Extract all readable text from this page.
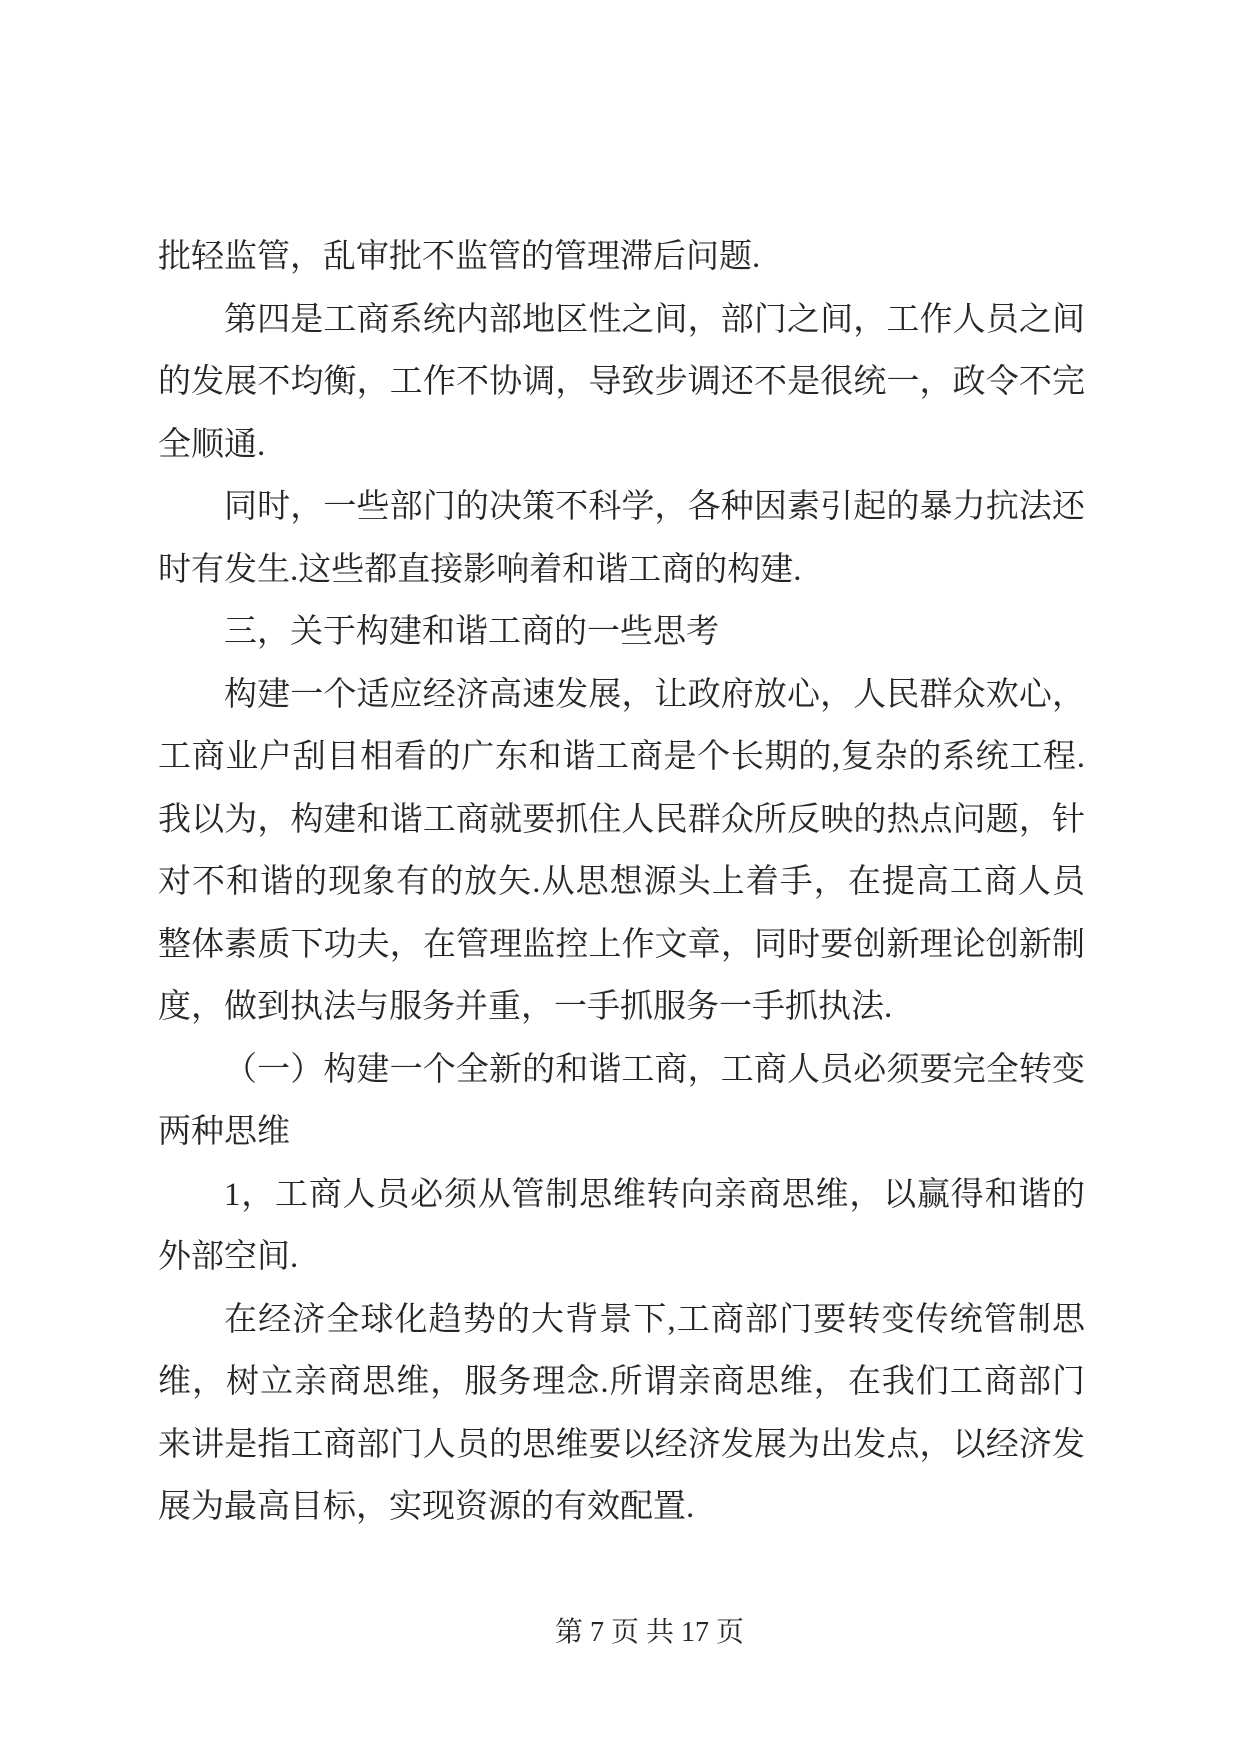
批轻监管，乱审批不监管的管理滞后问题.
第四是工商系统内部地区性之间，部门之间，工作人员之间
的发展不均衡，工作不协调，导致步调还不是很统一，政令不完
全顺通.
同时，一些部门的决策不科学，各种因素引起的暴力抗法还
时有发生.这些都直接影响着和谐工商的构建.
三，关于构建和谐工商的一些思考
构建一个适应经济高速发展，让政府放心，人民群众欢心，
工商业户刮目相看的广东和谐工商是个长期的,复杂的系统工程.
我以为，构建和谐工商就要抓住人民群众所反映的热点问题，针
对不和谐的现象有的放矢.从思想源头上着手，在提高工商人员
整体素质下功夫，在管理监控上作文章，同时要创新理论创新制
度，做到执法与服务并重，一手抓服务一手抓执法.
（一）构建一个全新的和谐工商，工商人员必须要完全转变
两种思维
1，工商人员必须从管制思维转向亲商思维，以赢得和谐的
外部空间.
在经济全球化趋势的大背景下,工商部门要转变传统管制思
维，树立亲商思维，服务理念.所谓亲商思维，在我们工商部门
来讲是指工商部门人员的思维要以经济发展为出发点，以经济发
展为最高目标，实现资源的有效配置.
第 7 页 共 17 页
